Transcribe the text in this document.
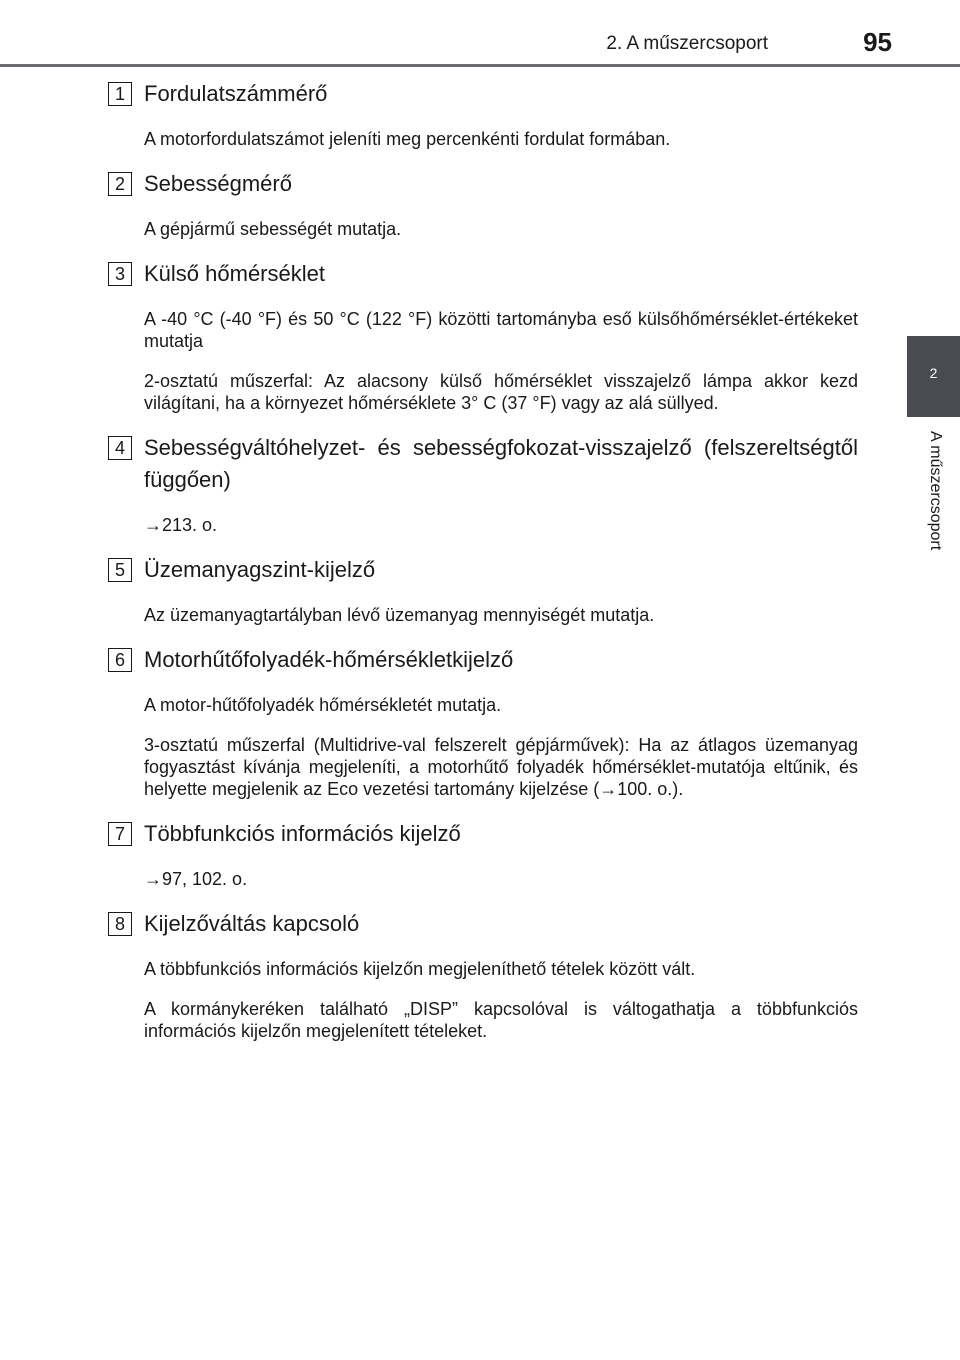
2. A műszercsoport	95
2
A műszercsoport
1 Fordulatszámmérő

A motorfordulatszámot jeleníti meg percenkénti fordulat formában.

2 Sebességmérő

A gépjármű sebességét mutatja.

3 Külső hőmérséklet

A -40 °C (-40 °F) és 50 °C (122 °F) közötti tartományba eső külsőhőmérséklet-értékeket mutatja

2-osztatú műszerfal: Az alacsony külső hőmérséklet visszajelző lámpa akkor kezd világítani, ha a környezet hőmérséklete 3° C (37 °F) vagy az alá süllyed.

4 Sebességváltóhelyzet- és sebességfokozat-visszajelző (felszereltségtől függően)

→213. o.

5 Üzemanyagszint-kijelző

Az üzemanyagtartályban lévő üzemanyag mennyiségét mutatja.

6 Motorhűtőfolyadék-hőmérsékletkijelző

A motor-hűtőfolyadék hőmérsékletét mutatja.

3-osztatú műszerfal (Multidrive-val felszerelt gépjárművek): Ha az átlagos üzemanyag fogyasztást kívánja megjeleníti, a motorhűtő folyadék hőmérséklet-mutatója eltűnik, és helyette megjelenik az Eco vezetési tartomány kijelzése (→100. o.).

7 Többfunkciós információs kijelző

→97, 102. o.

8 Kijelzőváltás kapcsoló

A többfunkciós információs kijelzőn megjeleníthető tételek között vált.

A kormánykeréken található „DISP” kapcsolóval is váltogathatja a többfunkciós információs kijelzőn megjelenített tételeket.
